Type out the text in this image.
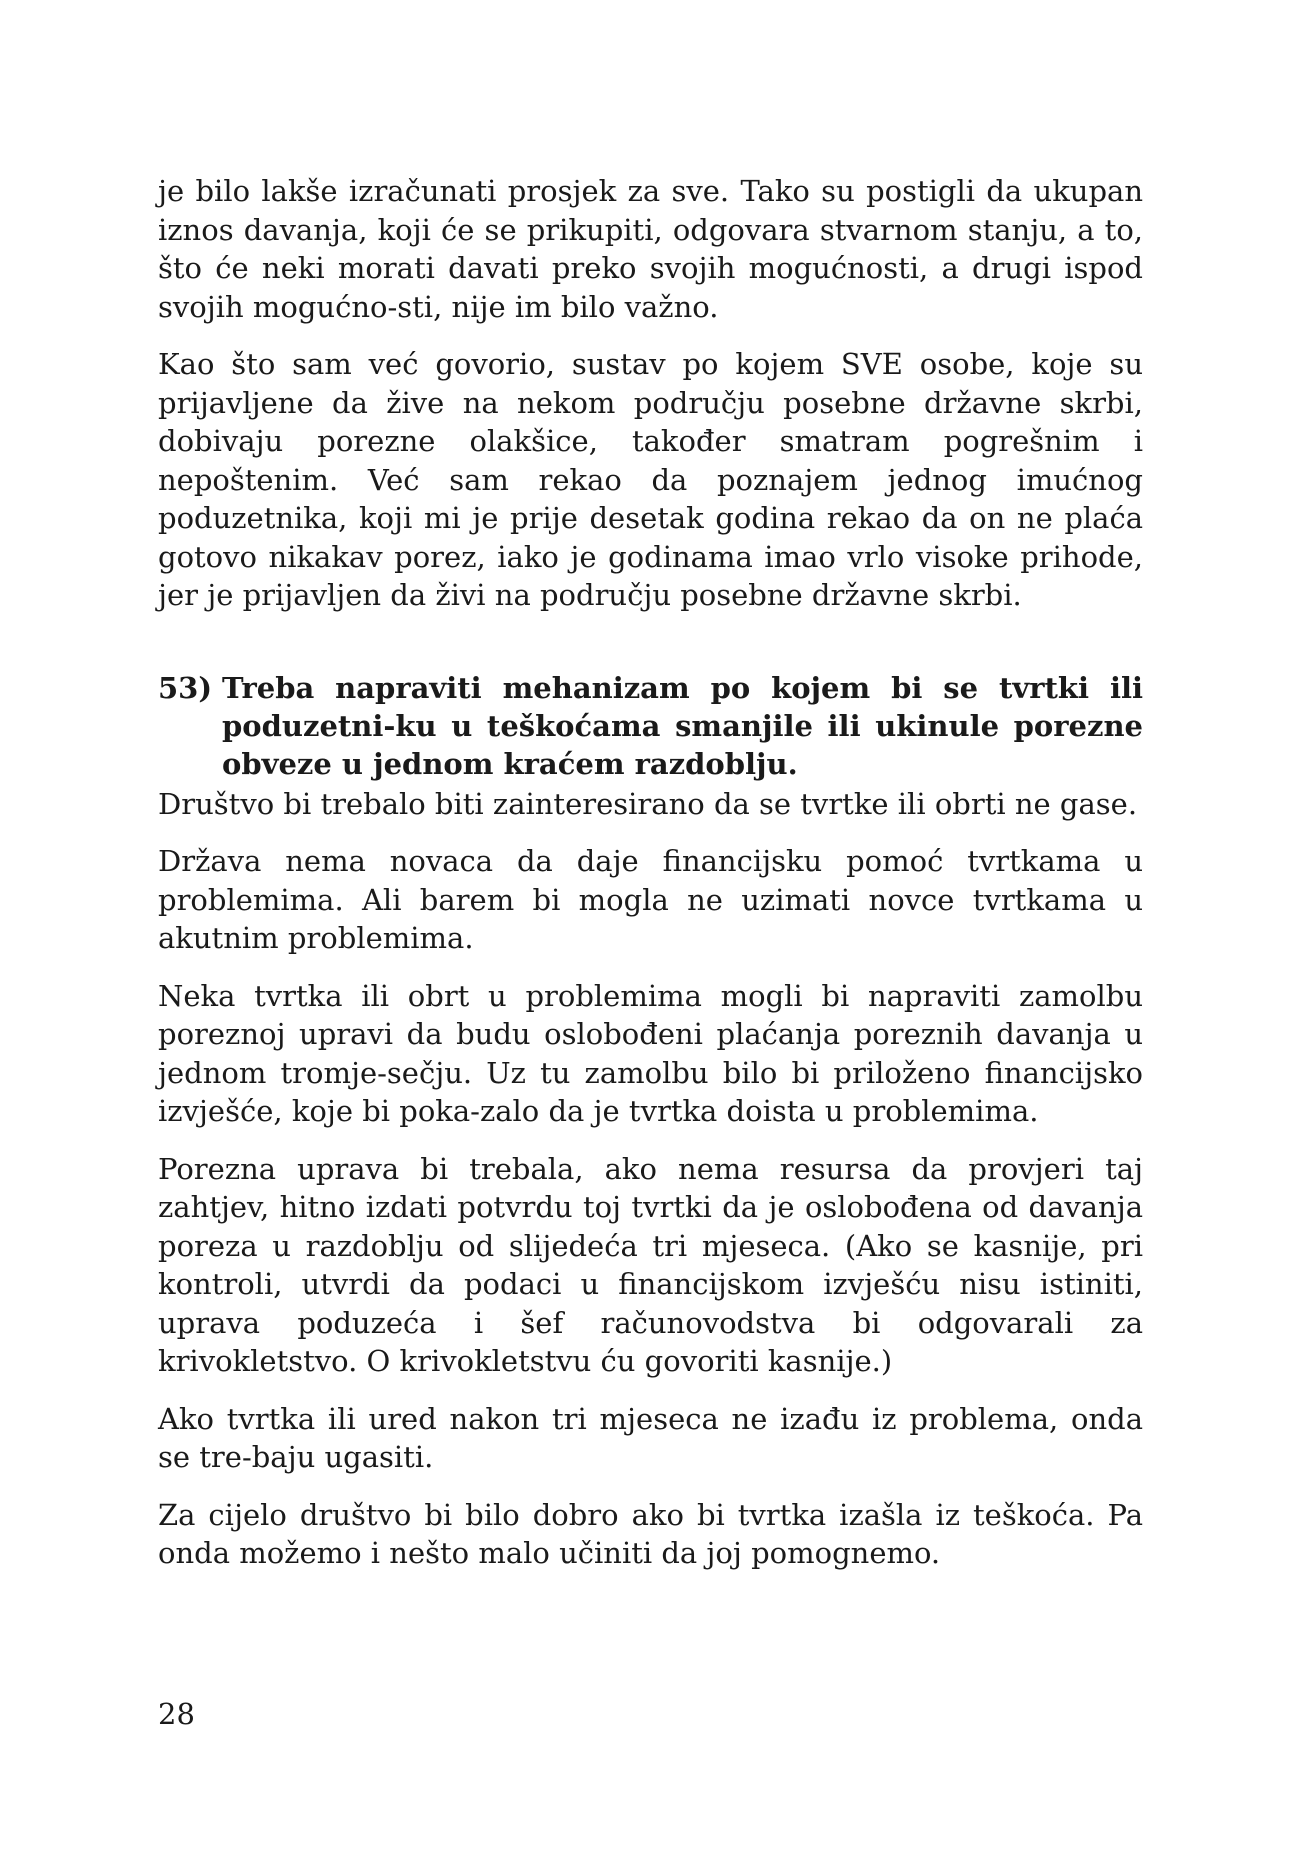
je bilo lakše izračunati prosjek za sve. Tako su postigli da ukupan iznos davanja, koji će se prikupiti, odgovara stvarnom stanju, a to, što će neki morati davati preko svojih mogućnosti, a drugi ispod svojih mogućno-sti, nije im bilo važno.

Kao što sam već govorio, sustav po kojem SVE osobe, koje su prijavljene da žive na nekom području posebne državne skrbi, dobivaju porezne olakšice, također smatram pogrešnim i nepoštenim. Već sam rekao da poznajem jednog imućnog poduzetnika, koji mi je prije desetak godina rekao da on ne plaća gotovo nikakav porez, iako je godinama imao vrlo visoke prihode, jer je prijavljen da živi na području posebne državne skrbi.

53) Treba napraviti mehanizam po kojem bi se tvrtki ili poduzetni-ku u teškoćama smanjile ili ukinule porezne obveze u jednom kraćem razdoblju.

Društvo bi trebalo biti zainteresirano da se tvrtke ili obrti ne gase.

Država nema novaca da daje financijsku pomoć tvrtkama u problemima. Ali barem bi mogla ne uzimati novce tvrtkama u akutnim problemima.

Neka tvrtka ili obrt u problemima mogli bi napraviti zamolbu poreznoj upravi da budu oslobođeni plaćanja poreznih davanja u jednom tromje-sečju. Uz tu zamolbu bilo bi priloženo financijsko izvješće, koje bi poka-zalo da je tvrtka doista u problemima.

Porezna uprava bi trebala, ako nema resursa da provjeri taj zahtjev, hitno izdati potvrdu toj tvrtki da je oslobođena od davanja poreza u razdoblju od slijedeća tri mjeseca. (Ako se kasnije, pri kontroli, utvrdi da podaci u financijskom izvješću nisu istiniti, uprava poduzeća i šef računovodstva bi odgovarali za krivokletstvo. O krivokletstvu ću govoriti kasnije.)

Ako tvrtka ili ured nakon tri mjeseca ne izađu iz problema, onda se tre-baju ugasiti.

Za cijelo društvo bi bilo dobro ako bi tvrtka izašla iz teškoća. Pa onda možemo i nešto malo učiniti da joj pomognemo.

28
